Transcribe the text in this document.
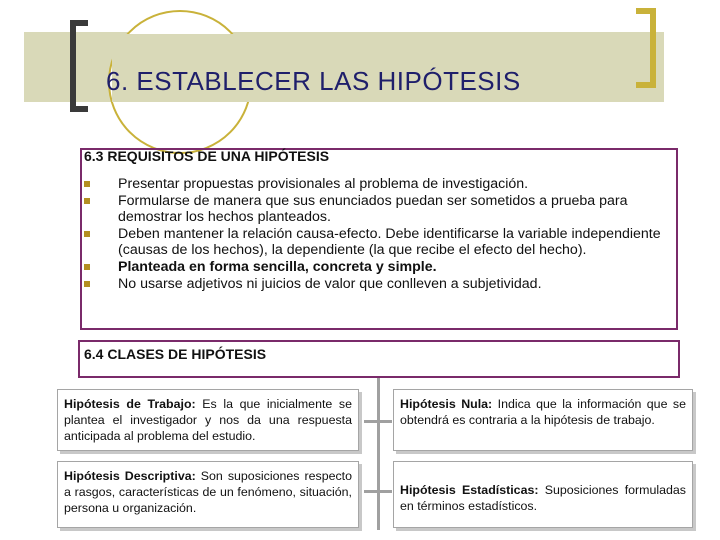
6. ESTABLECER LAS HIPÓTESIS
6.3 REQUISITOS DE UNA HIPÓTESIS
Presentar propuestas provisionales al problema de investigación.
Formularse de manera que sus enunciados puedan ser sometidos a prueba para demostrar los hechos planteados.
Deben mantener la relación causa-efecto. Debe identificarse la variable independiente (causas de los hechos), la dependiente (la que recibe el efecto del hecho).
Planteada en forma sencilla, concreta y simple.
No usarse adjetivos ni juicios de valor que conlleven a subjetividad.
6.4 CLASES DE HIPÓTESIS
Hipótesis de Trabajo: Es la que inicialmente se plantea el investigador y nos da una respuesta anticipada al problema del estudio.
Hipótesis Nula: Indica que la información que se obtendrá es contraria a la hipótesis de trabajo.
Hipótesis Descriptiva: Son suposiciones respecto a rasgos, características de un fenómeno, situación, persona u organización.
Hipótesis Estadísticas: Suposiciones formuladas en términos estadísticos.
